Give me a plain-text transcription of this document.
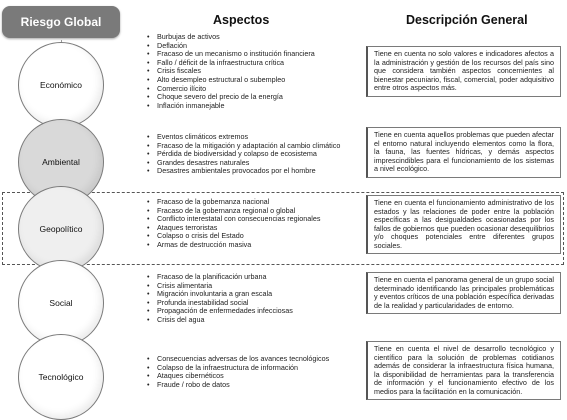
Riesgo Global	Aspectos	Descripción General
Económico
• Burbujas de activos
• Deflación
• Fracaso de un mecanismo o institución financiera
• Fallo / déficit de la infraestructura crítica
• Crisis fiscales
• Alto desempleo estructural o subempleo
• Comercio ilícito
• Choque severo del precio de la energía
• Inflación inmanejable
Tiene en cuenta no solo valores e indicadores afectos a la administración y gestión de los recursos del país sino que considera también aspectos concernientes al bienestar pecuniario, fiscal, comercial, poder adquisitivo entre otros aspectos más.
Ambiental
• Eventos climáticos extremos
• Fracaso de la mitigación y adaptación al cambio climático
• Pérdida de biodiversidad y colapso de ecosistema
• Grandes desastres naturales
• Desastres ambientales provocados por el hombre
Tiene en cuenta aquellos problemas que pueden afectar el entorno natural incluyendo elementos como la flora, la fauna, las fuentes hídricas, y demás aspectos imprescindibles para el funcionamiento de los sistemas a nivel ecológico.
Geopolítico
• Fracaso de la gobernanza nacional
• Fracaso de la gobernanza regional o global
• Conflicto interestatal con consecuencias regionales
• Ataques terroristas
• Colapso o crisis del Estado
• Armas de destrucción masiva
Tiene en cuenta el funcionamiento administrativo de los estados y las relaciones de poder entre la población específicas a las desigualdades ocasionadas por los fallos de gobiernos que pueden ocasionar desequilibrios y/o choques potenciales entre diferentes grupos sociales.
Social
• Fracaso de la planificación urbana
• Crisis alimentaria
• Migración involuntaria a gran escala
• Profunda inestabilidad social
• Propagación de enfermedades infecciosas
• Crisis del agua
Tiene en cuenta el panorama general de un grupo social determinado identificando las principales problemáticas y eventos críticos de una población específica derivadas de la realidad y particularidades de entorno.
Tecnológico
• Consecuencias adversas de los avances tecnológicos
• Colapso de la infraestructura de información
• Ataques cibernéticos
• Fraude / robo de datos
Tiene en cuenta el nivel de desarrollo tecnológico y científico para la solución de problemas cotidianos además de considerar la infraestructura física humana, la disponibilidad de herramientas para la transferencia de información y el funcionamiento efectivo de los medios para la facilitación en la comunicación.
